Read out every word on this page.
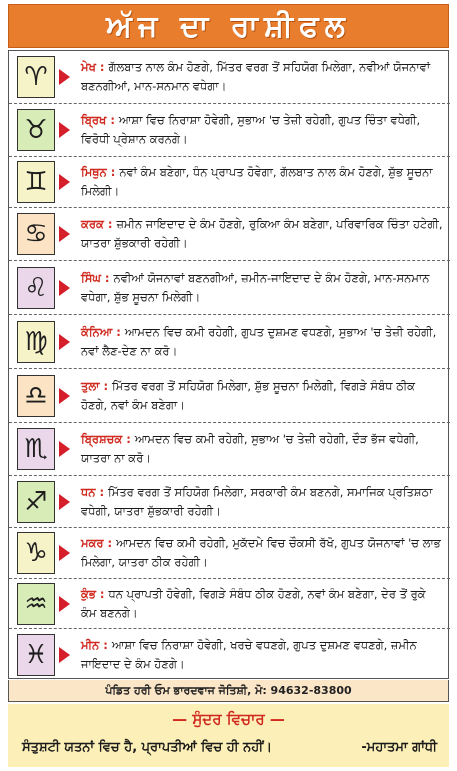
ਅੱਜ ਦਾ ਰਾਸ਼ੀਫਲ
♈	ਮੇਖ : ਗੱਲਬਾਤ ਨਾਲ ਕੰਮ ਹੋਣਗੇ, ਮਿੱਤਰ ਵਰਗ ਤੋਂ ਸਹਿਯੋਗ ਮਿਲੇਗਾ, ਨਵੀਆਂ ਯੋਜਨਾਵਾਂ ਬਣਨਗੀਆਂ, ਮਾਨ-ਸਨਮਾਨ ਵਧੇਗਾ।
♉	ਬ੍ਰਿਖ : ਆਸ਼ਾ ਵਿਚ ਨਿਰਾਸ਼ਾ ਹੋਵੇਗੀ, ਸੁਭਾਅ 'ਚ ਤੇਜ਼ੀ ਰਹੇਗੀ, ਗੁਪਤ ਚਿੰਤਾ ਵਧੇਗੀ, ਵਿਰੋਧੀ ਪ੍ਰੇਸ਼ਾਨ ਕਰਨਗੇ।
♊	ਮਿਥੁਨ : ਨਵਾਂ ਕੰਮ ਬਣੇਗਾ, ਧੰਨ ਪ੍ਰਾਪਤ ਹੋਵੇਗਾ, ਗੱਲਬਾਤ ਨਾਲ ਕੰਮ ਹੋਣਗੇ, ਸ਼ੁੱਭ ਸੂਚਨਾ ਮਿਲੇਗੀ।
♋	ਕਰਕ : ਜ਼ਮੀਨ ਜਾਇਦਾਦ ਦੇ ਕੰਮ ਹੋਣਗੇ, ਰੁਕਿਆ ਕੰਮ ਬਣੇਗਾ, ਪਰਿਵਾਰਿਕ ਚਿੰਤਾ ਹਟੇਗੀ, ਯਾਤਰਾ ਸ਼ੁੱਭਕਾਰੀ ਰਹੇਗੀ।
♌	ਸਿੰਘ : ਨਵੀਆਂ ਯੋਜਨਾਵਾਂ ਬਣਨਗੀਆਂ, ਜ਼ਮੀਨ-ਜਾਇਦਾਦ ਦੇ ਕੰਮ ਹੋਣਗੇ, ਮਾਨ-ਸਨਮਾਨ ਵਧੇਗਾ, ਸ਼ੁੱਭ ਸੂਚਨਾ ਮਿਲੇਗੀ।
♍	ਕੰਨਿਆ : ਆਮਦਨ ਵਿਚ ਕਮੀ ਰਹੇਗੀ, ਗੁਪਤ ਦੁਸ਼ਮਣ ਵਧਣਗੇ, ਸੁਭਾਅ 'ਚ ਤੇਜ਼ੀ ਰਹੇਗੀ, ਨਵਾਂ ਲੈਣ-ਦੇਣ ਨਾ ਕਰੋ।
♎	ਤੁਲਾ : ਮਿੱਤਰ ਵਰਗ ਤੋਂ ਸਹਿਯੋਗ ਮਿਲੇਗਾ, ਸ਼ੁੱਭ ਸੂਚਨਾ ਮਿਲੇਗੀ, ਵਿਗੜੇ ਸੰਬੰਧ ਠੀਕ ਹੋਣਗੇ, ਨਵਾਂ ਕੰਮ ਬਣੇਗਾ।
♏	ਬ੍ਰਿਸ਼ਚਕ : ਆਮਦਨ ਵਿਚ ਕਮੀ ਰਹੇਗੀ, ਸੁਭਾਅ 'ਚ ਤੇਜ਼ੀ ਰਹੇਗੀ, ਦੌੜ ਭੱਜ ਵਧੇਗੀ, ਯਾਤਰਾ ਨਾ ਕਰੋ।
♐	ਧਨ : ਮਿੱਤਰ ਵਰਗ ਤੋਂ ਸਹਿਯੋਗ ਮਿਲੇਗਾ, ਸਰਕਾਰੀ ਕੰਮ ਬਣਨਗੇ, ਸਮਾਜਿਕ ਪ੍ਰਤਿਸ਼ਠਾ ਵਧੇਗੀ, ਯਾਤਰਾ ਸ਼ੁੱਭਕਾਰੀ ਰਹੇਗੀ।
♑	ਮਕਰ : ਆਮਦਨ ਵਿਚ ਕਮੀ ਰਹੇਗੀ, ਮੁਕੱਦਮੇ ਵਿਚ ਚੌਕਸੀ ਰੱਖੋ, ਗੁਪਤ ਯੋਜਨਾਵਾਂ 'ਚ ਲਾਭ ਮਿਲੇਗਾ, ਯਾਤਰਾ ਠੀਕ ਰਹੇਗੀ।
♒	ਕੁੰਭ : ਧਨ ਪ੍ਰਾਪਤੀ ਹੋਵੇਗੀ, ਵਿਗੜੇ ਸੰਬੰਧ ਠੀਕ ਹੋਣਗੇ, ਨਵਾਂ ਕੰਮ ਬਣੇਗਾ, ਦੇਰ ਤੋਂ ਰੁਕੇ ਕੰਮ ਬਣਨਗੇ।
♓	ਮੀਨ : ਆਸ਼ਾ ਵਿਚ ਨਿਰਾਸ਼ਾ ਹੋਵੇਗੀ, ਖਰਚੇ ਵਧਣਗੇ, ਗੁਪਤ ਦੁਸ਼ਮਣ ਵਧਣਗੇ, ਜ਼ਮੀਨ ਜਾਇਦਾਦ ਦੇ ਕੰਮ ਹੋਣਗੇ।
ਪੰਡਿਤ ਹਰੀ ਓਮ ਭਾਰਦਵਾਜ ਜੋਤਿਸ਼ੀ, ਮੋ: 94632-83800
— ਸੁੰਦਰ ਵਿਚਾਰ —
ਸੰਤੁਸ਼ਟੀ ਯਤਨਾਂ ਵਿਚ ਹੈ, ਪ੍ਰਾਪਤੀਆਂ ਵਿਚ ਹੀ ਨਹੀਂ।	-ਮਹਾਤਮਾ ਗਾਂਧੀ
